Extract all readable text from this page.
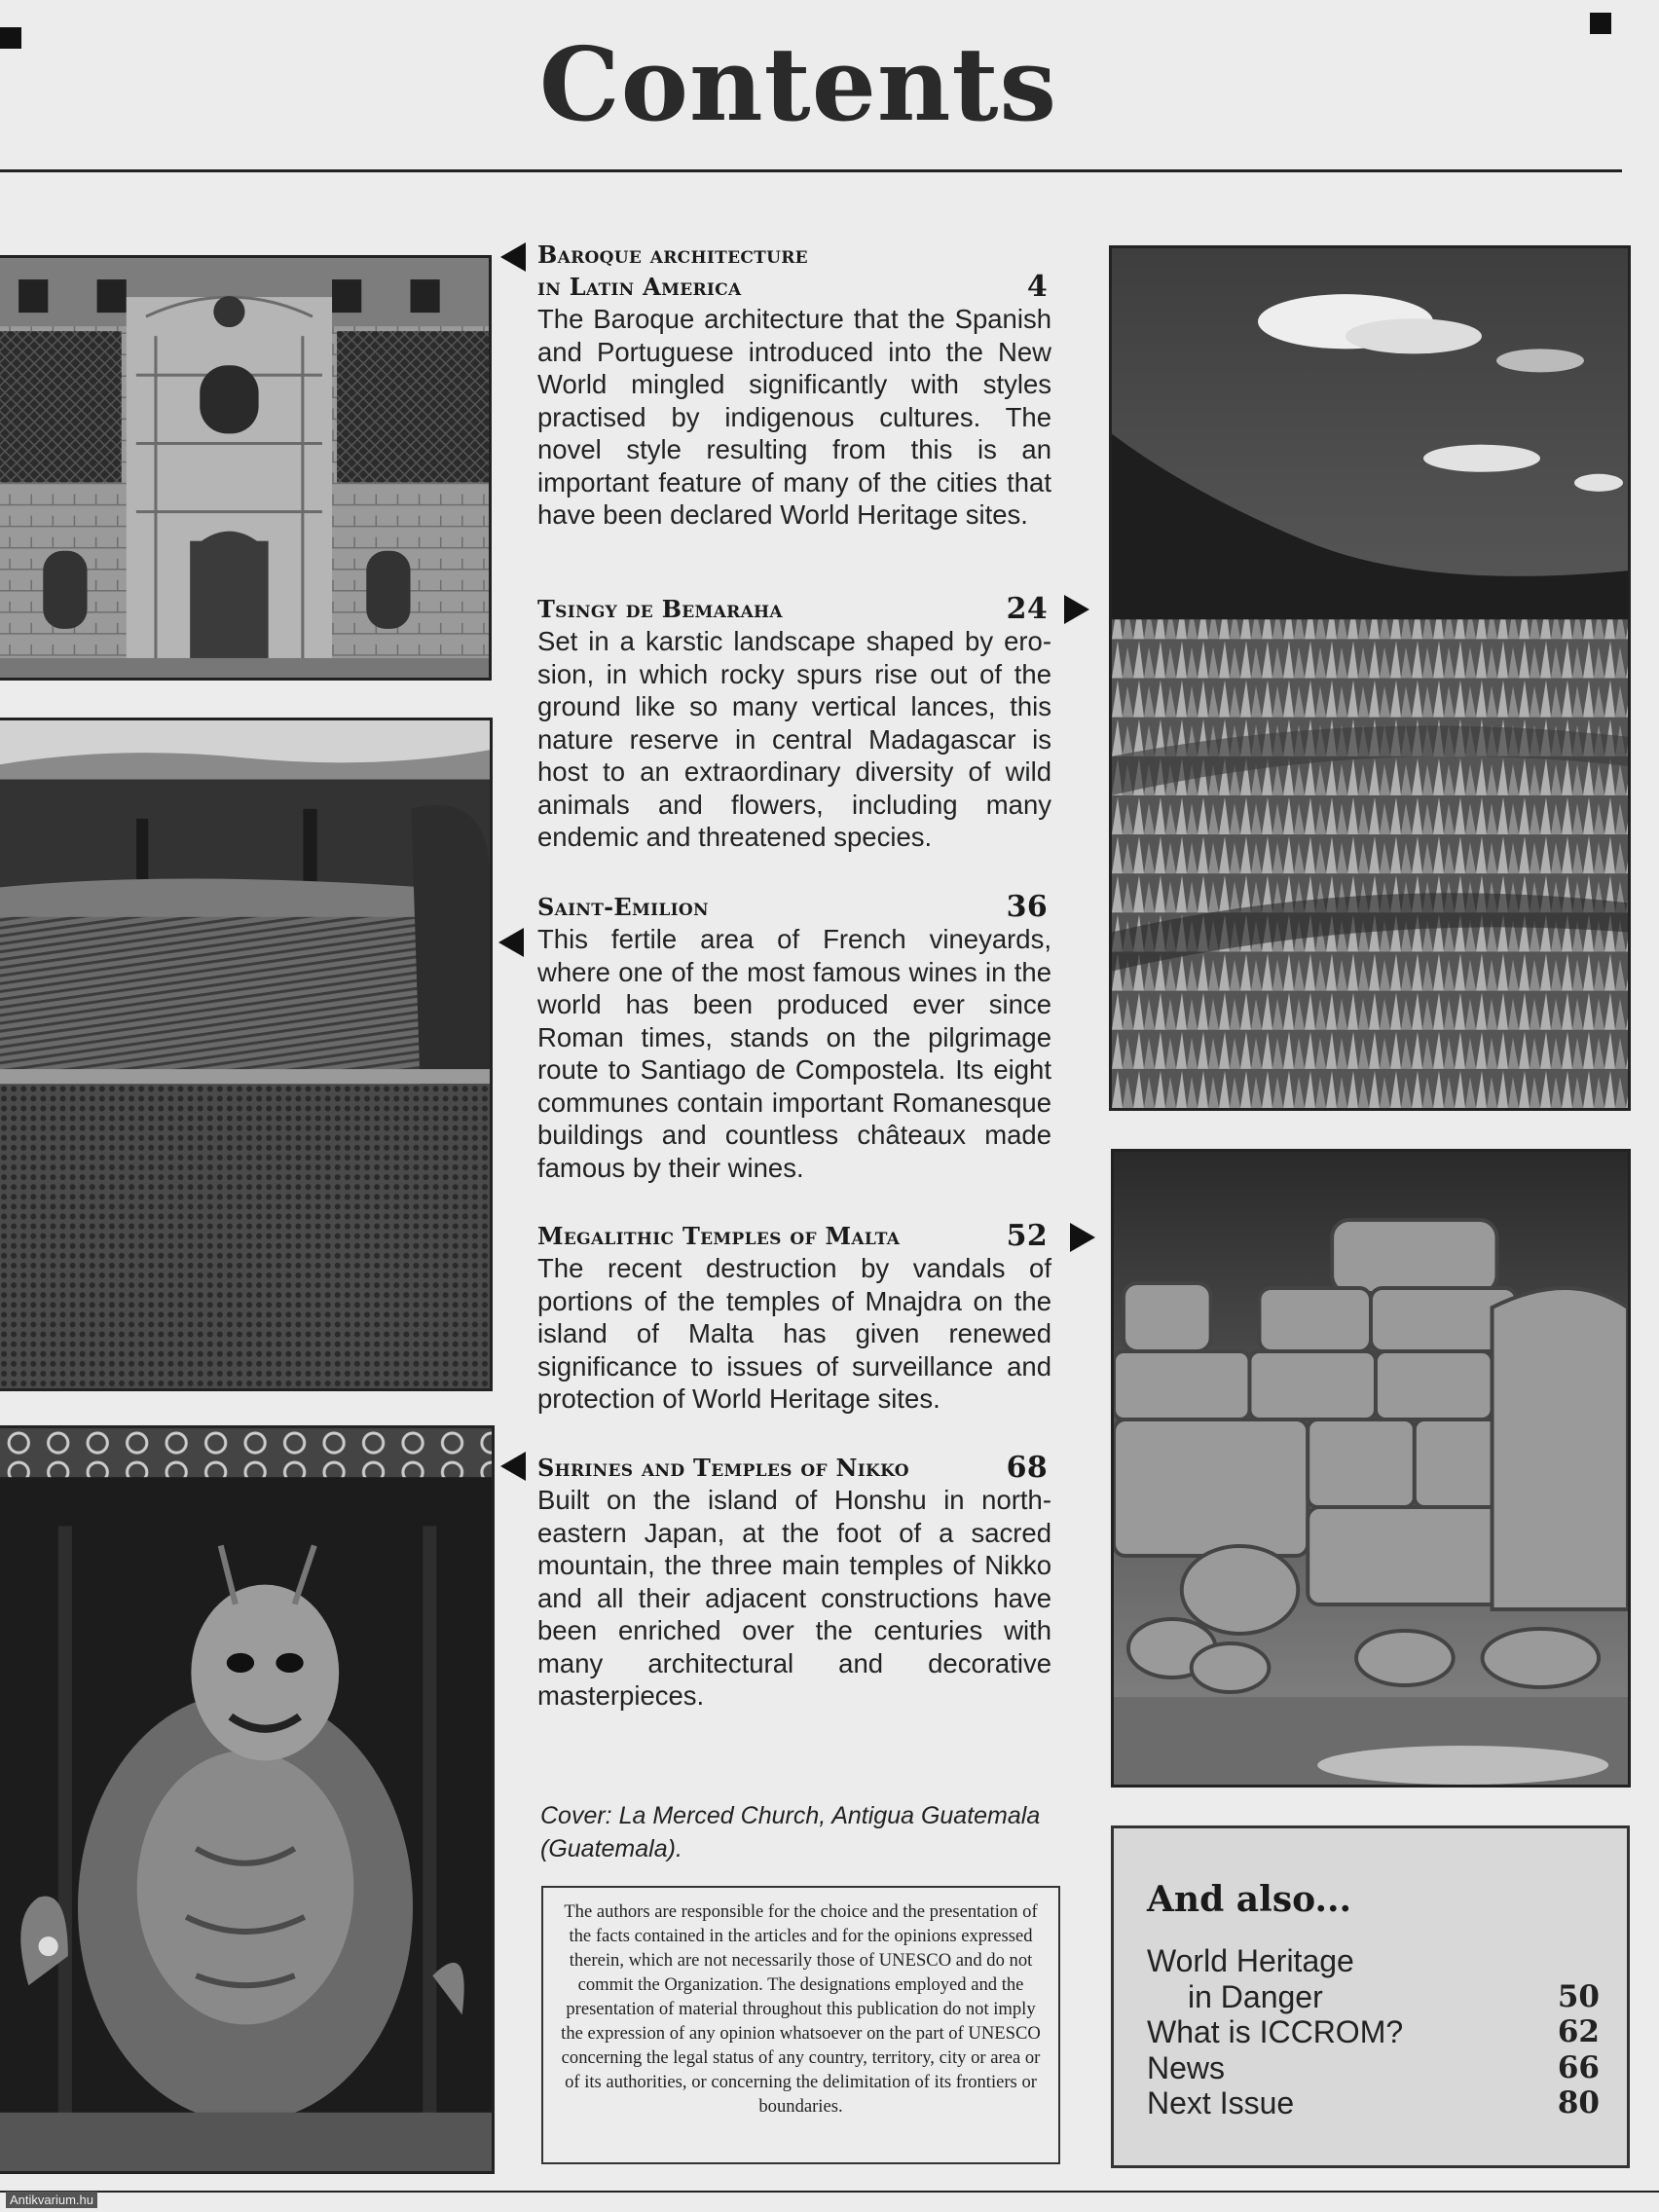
Contents
Baroque architecture
in Latin America	4
The Baroque architecture that the Spanish and Portuguese introduced into the New World mingled significantly with styles practised by indigenous cultures. The novel style resulting from this is an important feature of many of the cities that have been declared World Heritage sites.
Tsingy de Bemaraha	24
Set in a karstic landscape shaped by erosion, in which rocky spurs rise out of the ground like so many vertical lances, this nature reserve in central Madagascar is host to an extraordinary diversity of wild animals and flowers, including many endemic and threatened species.
Saint-Emilion	36
This fertile area of French vineyards, where one of the most famous wines in the world has been produced ever since Roman times, stands on the pilgrimage route to Santiago de Compostela. Its eight communes contain important Romanesque buildings and countless châteaux made famous by their wines.
Megalithic Temples of Malta	52
The recent destruction by vandals of portions of the temples of Mnajdra on the island of Malta has given renewed significance to issues of surveillance and protection of World Heritage sites.
Shrines and Temples of Nikko	68
Built on the island of Honshu in northeastern Japan, at the foot of a sacred mountain, the three main temples of Nikko and all their adjacent constructions have been enriched over the centuries with many architectural and decorative masterpieces.
Cover: La Merced Church, Antigua Guatemala (Guatemala).
The authors are responsible for the choice and the presentation of the facts contained in the articles and for the opinions expressed therein, which are not necessarily those of UNESCO and do not commit the Organization. The designations employed and the presentation of material throughout this publication do not imply the expression of any opinion whatsoever on the part of UNESCO concerning the legal status of any country, territory, city or area or of its authorities, or concerning the delimitation of its frontiers or boundaries.
And also...
World Heritage
in Danger	50
What is ICCROM?	62
News	66
Next Issue	80
Antikvarium.hu
